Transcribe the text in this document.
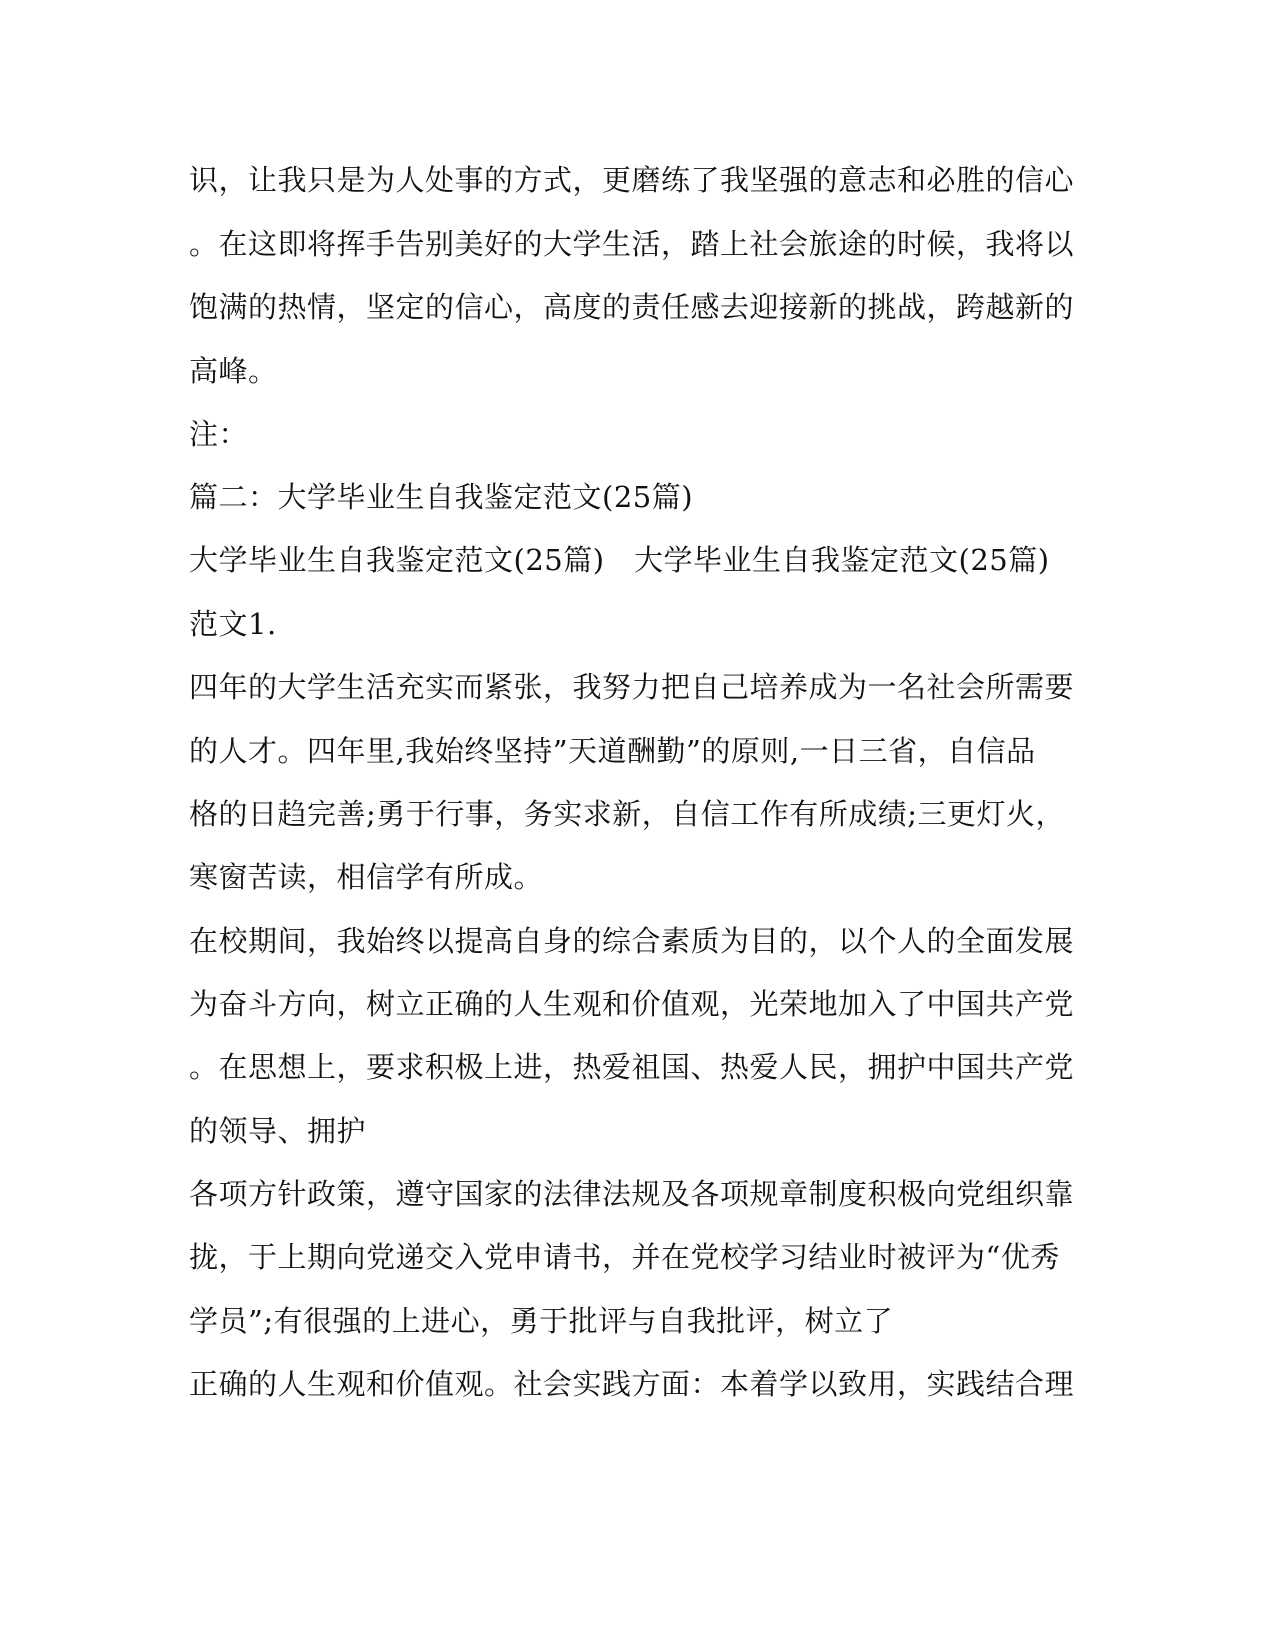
识，让我只是为人处事的方式，更磨练了我坚强的意志和必胜的信心
。在这即将挥手告别美好的大学生活，踏上社会旅途的时候，我将以
饱满的热情，坚定的信心，高度的责任感去迎接新的挑战，跨越新的
高峰。
注：
篇二：大学毕业生自我鉴定范文(25篇)
大学毕业生自我鉴定范文(25篇)　大学毕业生自我鉴定范文(25篇)
范文1.
四年的大学生活充实而紧张，我努力把自己培养成为一名社会所需要
的人才。四年里,我始终坚持”天道酬勤”的原则,一日三省，自信品
格的日趋完善;勇于行事，务实求新，自信工作有所成绩;三更灯火，
寒窗苦读，相信学有所成。
在校期间，我始终以提高自身的综合素质为目的，以个人的全面发展
为奋斗方向，树立正确的人生观和价值观，光荣地加入了中国共产党
。在思想上，要求积极上进，热爱祖国、热爱人民，拥护中国共产党
的领导、拥护
各项方针政策，遵守国家的法律法规及各项规章制度积极向党组织靠
拢，于上期向党递交入党申请书，并在党校学习结业时被评为“优秀
学员”;有很强的上进心，勇于批评与自我批评，树立了
正确的人生观和价值观。社会实践方面：本着学以致用，实践结合理
